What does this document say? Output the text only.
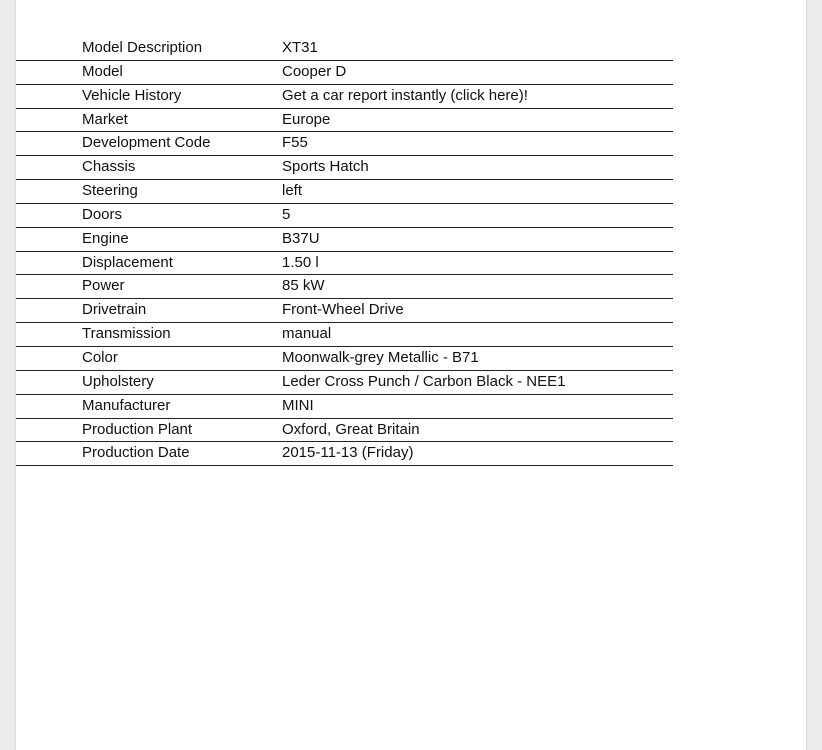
Model Description	XT31
Model	Cooper D
Vehicle History	Get a car report instantly (click here)!
Market	Europe
Development Code	F55
Chassis	Sports Hatch
Steering	left
Doors	5
Engine	B37U
Displacement	1.50 l
Power	85 kW
Drivetrain	Front-Wheel Drive
Transmission	manual
Color	Moonwalk-grey Metallic - B71
Upholstery	Leder Cross Punch / Carbon Black - NEE1
Manufacturer	MINI
Production Plant	Oxford, Great Britain
Production Date	2015-11-13 (Friday)
